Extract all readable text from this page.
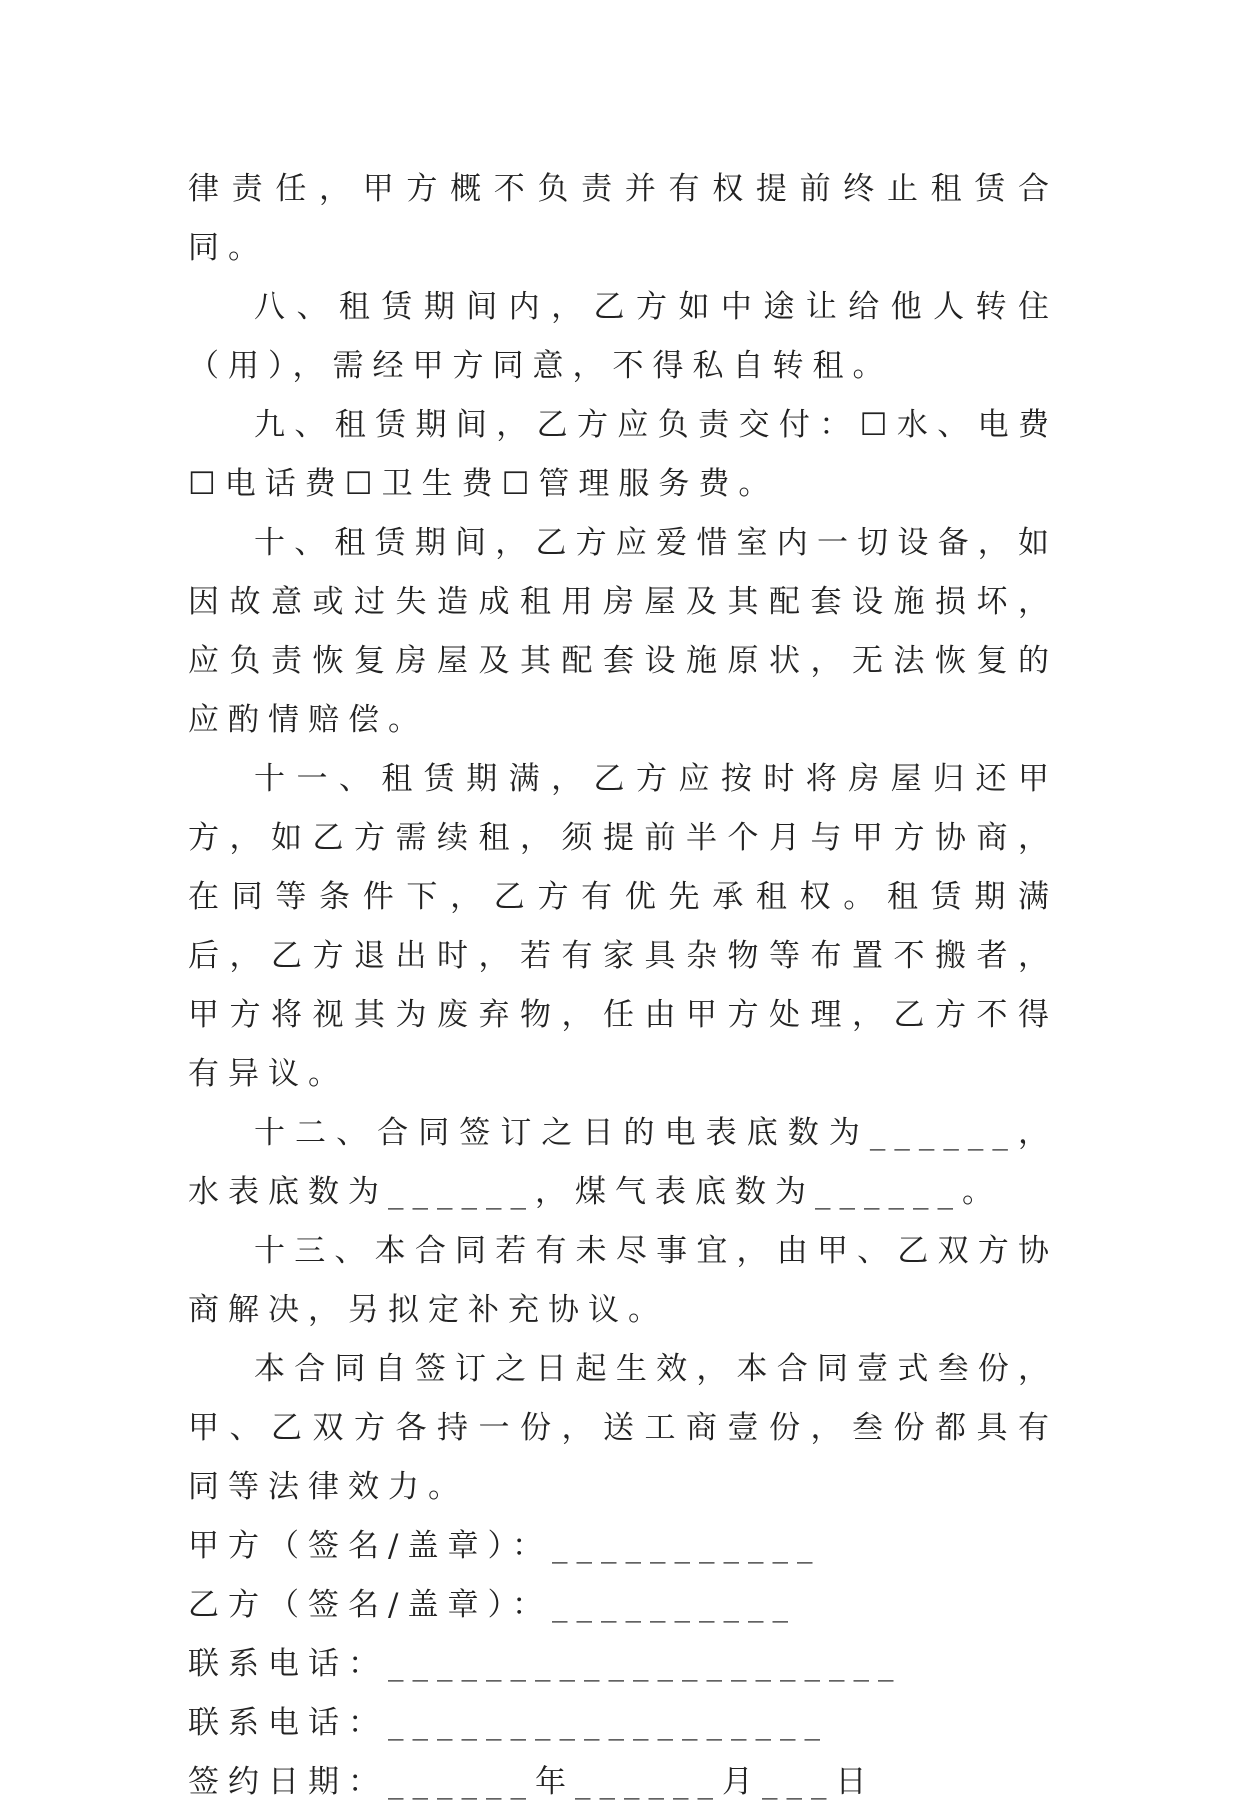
律责任，甲方概不负责并有权提前终止租赁合同。

八、租赁期间内，乙方如中途让给他人转住（用），需经甲方同意，不得私自转租。

九、租赁期间，乙方应负责交付：☐水、电费☐电话费☐卫生费☐管理服务费。

十、租赁期间，乙方应爱惜室内一切设备，如因故意或过失造成租用房屋及其配套设施损坏，应负责恢复房屋及其配套设施原状，无法恢复的应酌情赔偿。

十一、租赁期满，乙方应按时将房屋归还甲方，如乙方需续租，须提前半个月与甲方协商，在同等条件下，乙方有优先承租权。租赁期满后，乙方退出时，若有家具杂物等布置不搬者，甲方将视其为废弃物，任由甲方处理，乙方不得有异议。

十二、合同签订之日的电表底数为______，水表底数为______，煤气表底数为______。

十三、本合同若有未尽事宜，由甲、乙双方协商解决，另拟定补充协议。

本合同自签订之日起生效，本合同壹式叁份，甲、乙双方各持一份，送工商壹份，叁份都具有同等法律效力。

甲方（签名/盖章）：___________

乙方（签名/盖章）：__________

联系电话：_____________________

联系电话：__________________

签约日期：______年______月___日
